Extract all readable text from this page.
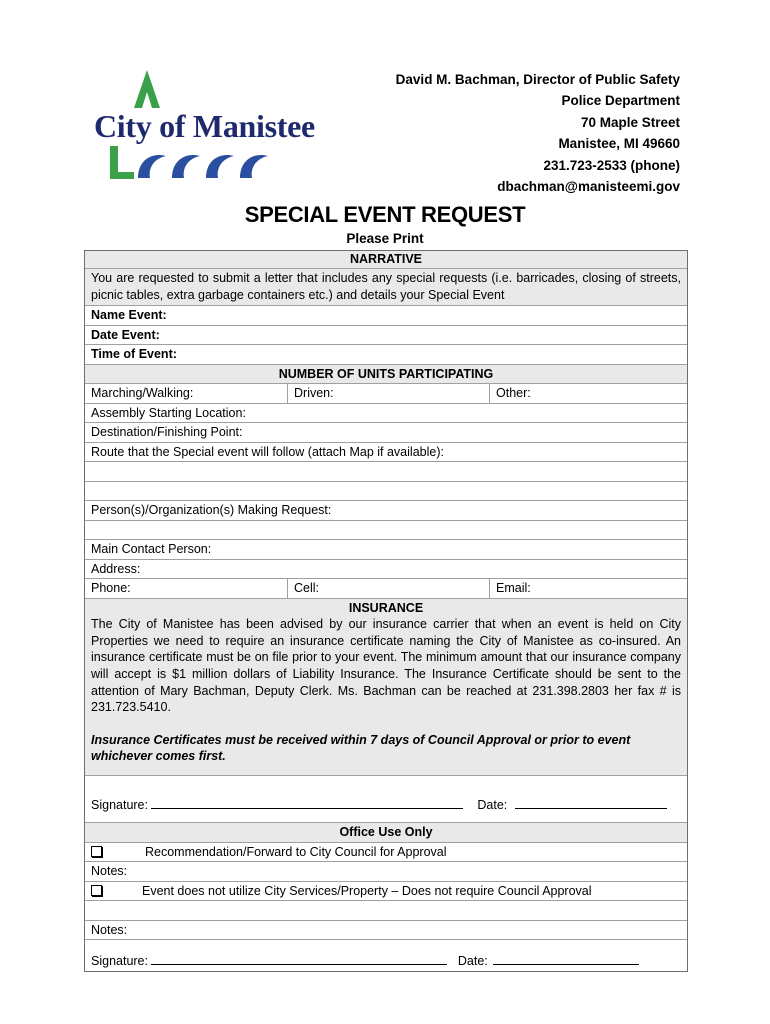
City of Manistee
David M. Bachman, Director of Public Safety
Police Department
70 Maple Street
Manistee, MI 49660
231.723-2533 (phone)
dbachman@manisteemi.gov
SPECIAL EVENT REQUEST
Please Print
NARRATIVE
You are requested to submit a letter that includes any special requests (i.e. barricades, closing of streets, picnic tables, extra garbage containers etc.) and details your Special Event
Name Event:
Date Event:
Time of Event:
NUMBER OF UNITS PARTICIPATING
Marching/Walking:	Driven:	Other:
Assembly Starting Location:
Destination/Finishing Point:
Route that the Special event will follow (attach Map if available):
Person(s)/Organization(s) Making Request:
Main Contact Person:
Address:
Phone:	Cell:	Email:
INSURANCE
The City of Manistee has been advised by our insurance carrier that when an event is held on City Properties we need to require an insurance certificate naming the City of Manistee as co-insured. An insurance certificate must be on file prior to your event. The minimum amount that our insurance company will accept is $1 million dollars of Liability Insurance. The Insurance Certificate should be sent to the attention of Mary Bachman, Deputy Clerk. Ms. Bachman can be reached at 231.398.2803 her fax # is 231.723.5410.
Insurance Certificates must be received within 7 days of Council Approval or prior to event whichever comes first.
Signature:	Date:
Office Use Only
Recommendation/Forward to City Council for Approval
Notes:
Event does not utilize City Services/Property – Does not require Council Approval
Notes:
Signature:	Date:
